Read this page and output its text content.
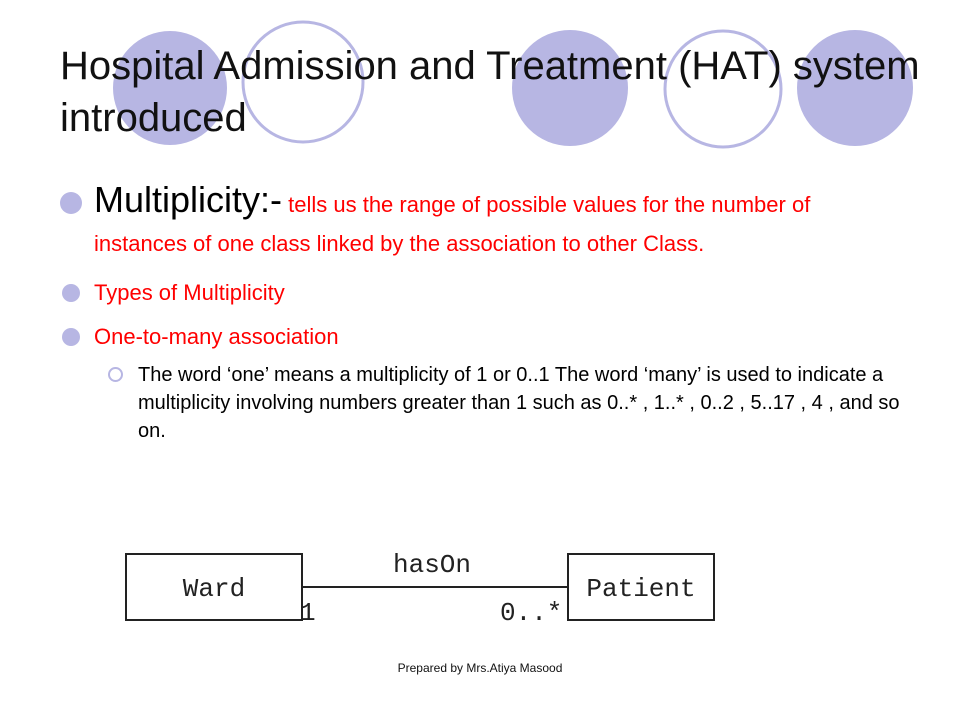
Hospital Admission and Treatment (HAT) system introduced
Multiplicity:- tells us the range of possible values for the number of instances of one class linked by the association to other Class.
Types of Multiplicity
One-to-many association
The word ‘one’ means a multiplicity of 1 or 0..1 The word ‘many’ is used to indicate a multiplicity involving numbers greater than 1 such as 0..* , 1..* , 0..2 , 5..17 , 4 , and so on.
Ward	Patient
hasOn
1	0..*
Prepared by Mrs.Atiya Masood
